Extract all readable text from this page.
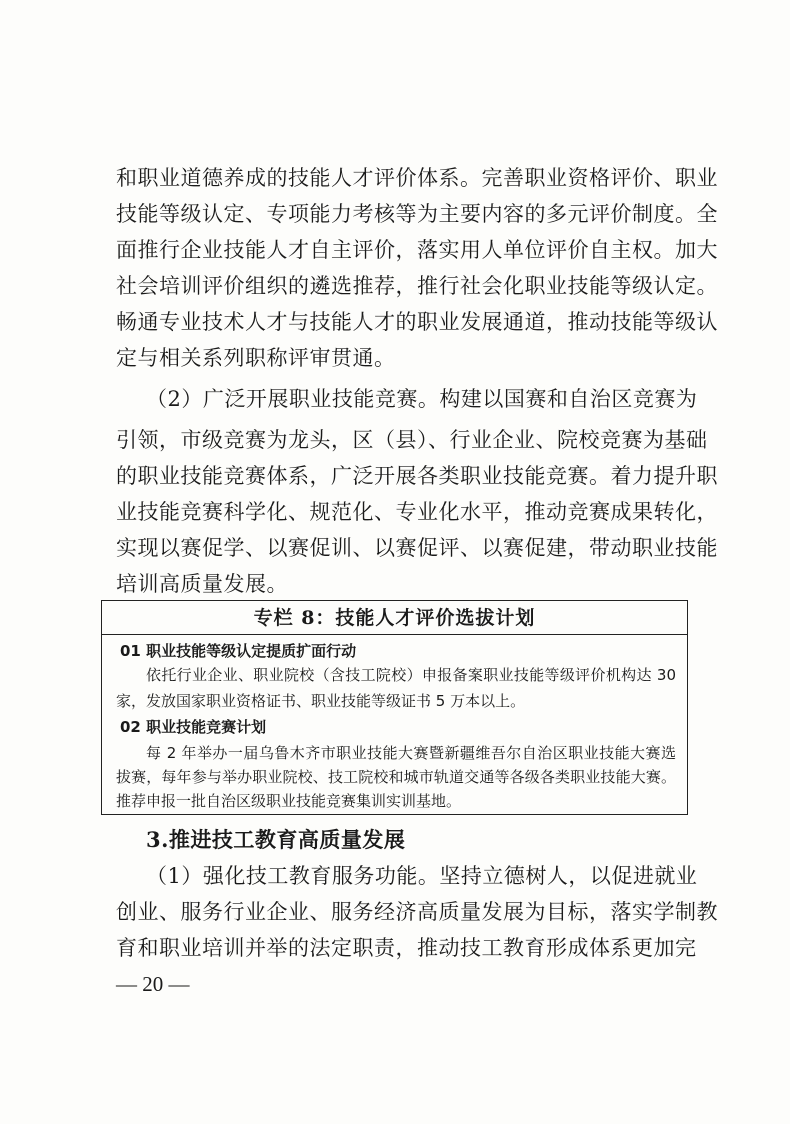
和职业道德养成的技能人才评价体系。完善职业资格评价、职业
技能等级认定、专项能力考核等为主要内容的多元评价制度。全
面推行企业技能人才自主评价，落实用人单位评价自主权。加大
社会培训评价组织的遴选推荐，推行社会化职业技能等级认定。
畅通专业技术人才与技能人才的职业发展通道，推动技能等级认
定与相关系列职称评审贯通。
（2）广泛开展职业技能竞赛。构建以国赛和自治区竞赛为
引领，市级竞赛为龙头，区（县）、行业企业、院校竞赛为基础
的职业技能竞赛体系，广泛开展各类职业技能竞赛。着力提升职
业技能竞赛科学化、规范化、专业化水平，推动竞赛成果转化，
实现以赛促学、以赛促训、以赛促评、以赛促建，带动职业技能
培训高质量发展。
专栏 8：技能人才评价选拔计划
01 职业技能等级认定提质扩面行动
依托行业企业、职业院校（含技工院校）申报备案职业技能等级评价机构达 30
家，发放国家职业资格证书、职业技能等级证书 5 万本以上。
02 职业技能竞赛计划
每 2 年举办一届乌鲁木齐市职业技能大赛暨新疆维吾尔自治区职业技能大赛选
拔赛，每年参与举办职业院校、技工院校和城市轨道交通等各级各类职业技能大赛。
推荐申报一批自治区级职业技能竞赛集训实训基地。
3.推进技工教育高质量发展
（1）强化技工教育服务功能。坚持立德树人，以促进就业
创业、服务行业企业、服务经济高质量发展为目标，落实学制教
育和职业培训并举的法定职责，推动技工教育形成体系更加完
— 20 —
